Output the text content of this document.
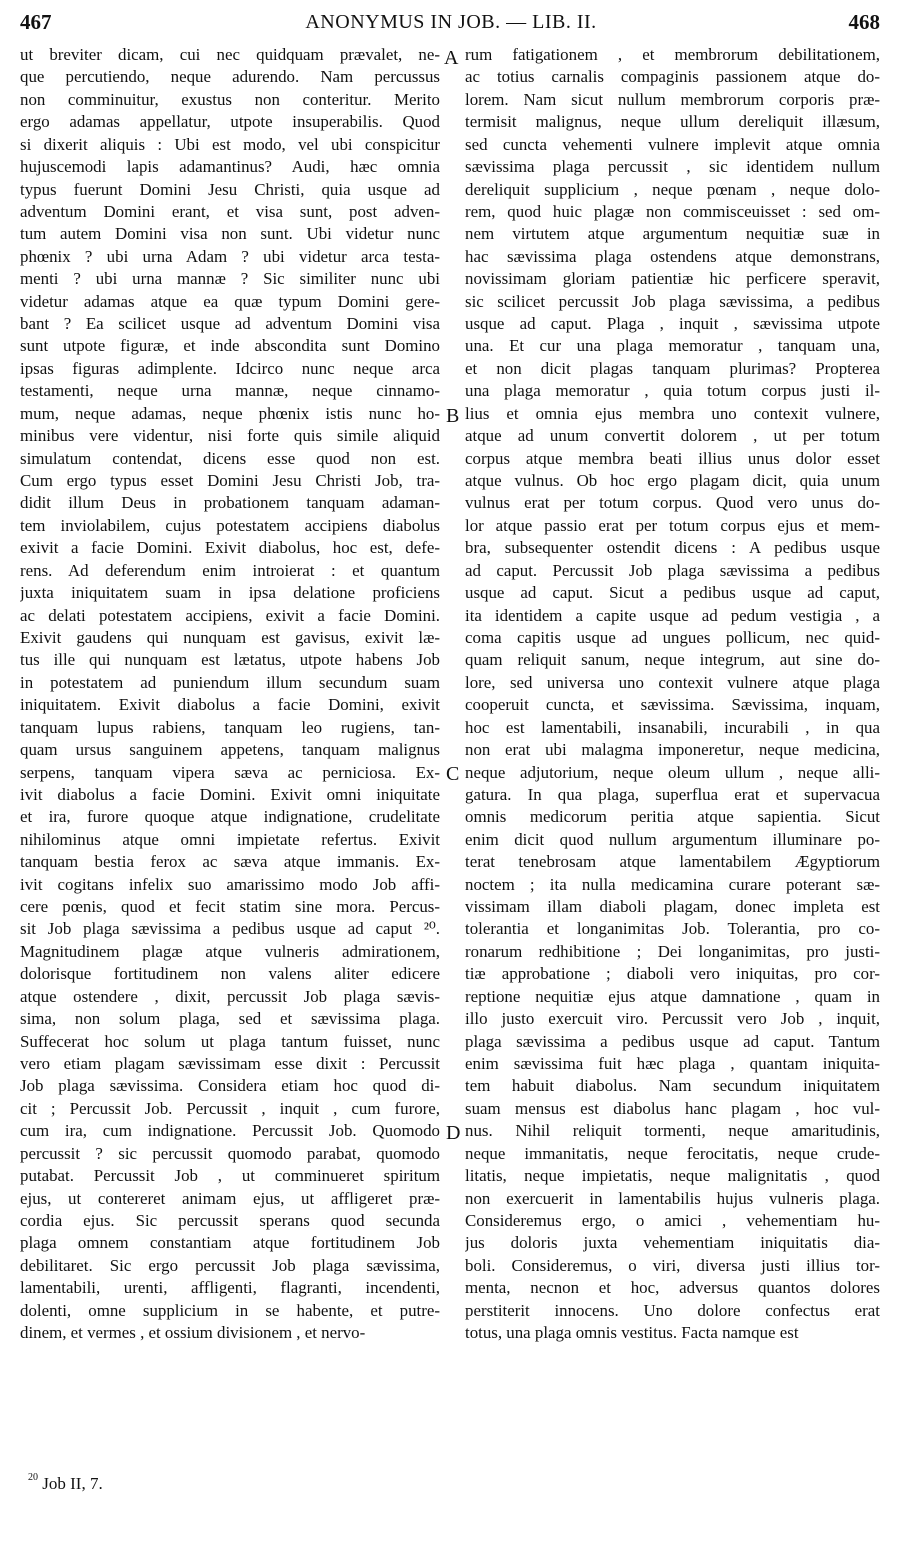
467	ANONYMUS IN JOB. — LIB. II.	468
ut breviter dicam, cui nec quidquam prævalet, ne-
que percutiendo, neque adurendo. Nam percussus
non comminuitur, exustus non conteritur. Merito
ergo adamas appellatur, utpote insuperabilis. Quod
si dixerit aliquis : Ubi est modo, vel ubi conspicitur
hujuscemodi lapis adamantinus? Audi, hæc omnia
typus fuerunt Domini Jesu Christi, quia usque ad
adventum Domini erant, et visa sunt, post adven-
tum autem Domini visa non sunt. Ubi videtur nunc
phœnix ? ubi urna Adam ? ubi videtur arca testa-
menti ? ubi urna mannæ ? Sic similiter nunc ubi
videtur adamas atque ea quæ typum Domini gere-
bant ? Ea scilicet usque ad adventum Domini visa
sunt utpote figuræ, et inde abscondita sunt Domino
ipsas figuras adimplente. Idcirco nunc neque arca
testamenti, neque urna mannæ, neque cinnamo-
mum, neque adamas, neque phœnix istis nunc ho-
minibus vere videntur, nisi forte quis simile aliquid
simulatum contendat, dicens esse quod non est.
Cum ergo typus esset Domini Jesu Christi Job, tra-
didit illum Deus in probationem tanquam adaman-
tem inviolabilem, cujus potestatem accipiens diabolus
exivit a facie Domini. Exivit diabolus, hoc est, defe-
rens. Ad deferendum enim introierat : et quantum
juxta iniquitatem suam in ipsa delatione proficiens
ac delati potestatem accipiens, exivit a facie Domini.
Exivit gaudens qui nunquam est gavisus, exivit læ-
tus ille qui nunquam est lætatus, utpote habens Job
in potestatem ad puniendum illum secundum suam
iniquitatem. Exivit diabolus a facie Domini, exivit
tanquam lupus rabiens, tanquam leo rugiens, tan-
quam ursus sanguinem appetens, tanquam malignus
serpens, tanquam vipera sæva ac perniciosa. Ex-
ivit diabolus a facie Domini. Exivit omni iniquitate
et ira, furore quoque atque indignatione, crudelitate
nihilominus atque omni impietate refertus. Exivit
tanquam bestia ferox ac sæva atque immanis. Ex-
ivit cogitans infelix suo amarissimo modo Job affi-
cere pœnis, quod et fecit statim sine mora. Percus-
sit Job plaga sævissima a pedibus usque ad caput ²⁰.
Magnitudinem plagæ atque vulneris admirationem,
dolorisque fortitudinem non valens aliter edicere
atque ostendere , dixit, percussit Job plaga sævis-
sima, non solum plaga, sed et sævissima plaga.
Suffecerat hoc solum ut plaga tantum fuisset, nunc
vero etiam plagam sævissimam esse dixit : Percussit
Job plaga sævissima. Considera etiam hoc quod di-
cit ; Percussit Job. Percussit , inquit , cum furore,
cum ira, cum indignatione. Percussit Job. Quomodo
percussit ? sic percussit quomodo parabat, quomodo
putabat. Percussit Job , ut comminueret spiritum
ejus, ut contereret animam ejus, ut affligeret præ-
cordia ejus. Sic percussit sperans quod secunda
plaga omnem constantiam atque fortitudinem Job
debilitaret. Sic ergo percussit Job plaga sævissima,
lamentabili, urenti, affligenti, flagranti, incendenti,
dolenti, omne supplicium in se habente, et putre-
dinem, et vermes , et ossium divisionem , et nervo-
rum fatigationem , et membrorum debilitationem,
ac totius carnalis compaginis passionem atque do-
lorem. Nam sicut nullum membrorum corporis præ-
termisit malignus, neque ullum dereliquit illæsum,
sed cuncta vehementi vulnere implevit atque omnia
sævissima plaga percussit , sic identidem nullum
dereliquit supplicium , neque pœnam , neque dolo-
rem, quod huic plagæ non commisceuisset : sed om-
nem virtutem atque argumentum nequitiæ suæ in
hac sævissima plaga ostendens atque demonstrans,
novissimam gloriam patientiæ hic perficere speravit,
sic scilicet percussit Job plaga sævissima, a pedibus
usque ad caput. Plaga , inquit , sævissima utpote
una. Et cur una plaga memoratur , tanquam una,
et non dicit plagas tanquam plurimas? Propterea
una plaga memoratur , quia totum corpus justi il-
lius et omnia ejus membra uno contexit vulnere,
atque ad unum convertit dolorem , ut per totum
corpus atque membra beati illius unus dolor esset
atque vulnus. Ob hoc ergo plagam dicit, quia unum
vulnus erat per totum corpus. Quod vero unus do-
lor atque passio erat per totum corpus ejus et mem-
bra, subsequenter ostendit dicens : A pedibus usque
ad caput. Percussit Job plaga sævissima a pedibus
usque ad caput. Sicut a pedibus usque ad caput,
ita identidem a capite usque ad pedum vestigia , a
coma capitis usque ad ungues pollicum, nec quid-
quam reliquit sanum, neque integrum, aut sine do-
lore, sed universa uno contexit vulnere atque plaga
cooperuit cuncta, et sævissima. Sævissima, inquam,
hoc est lamentabili, insanabili, incurabili , in qua
non erat ubi malagma imponeretur, neque medicina,
neque adjutorium, neque oleum ullum , neque alli-
gatura. In qua plaga, superflua erat et supervacua
omnis medicorum peritia atque sapientia. Sicut
enim dicit quod nullum argumentum illuminare po-
terat tenebrosam atque lamentabilem Ægyptiorum
noctem ; ita nulla medicamina curare poterant sæ-
vissimam illam diaboli plagam, donec impleta est
tolerantia et longanimitas Job. Tolerantia, pro co-
ronarum redhibitione ; Dei longanimitas, pro justi-
tiæ approbatione ; diaboli vero iniquitas, pro cor-
reptione nequitiæ ejus atque damnatione , quam in
illo justo exercuit viro. Percussit vero Job , inquit,
plaga sævissima a pedibus usque ad caput. Tantum
enim sævissima fuit hæc plaga , quantam iniquita-
tem habuit diabolus. Nam secundum iniquitatem
suam mensus est diabolus hanc plagam , hoc vul-
nus. Nihil reliquit tormenti, neque amaritudinis,
neque immanitatis, neque ferocitatis, neque crude-
litatis, neque impietatis, neque malignitatis , quod
non exercuerit in lamentabilis hujus vulneris plaga.
Consideremus ergo, o amici , vehementiam hu-
jus doloris juxta vehementiam iniquitatis dia-
boli. Consideremus, o viri, diversa justi illius tor-
menta, necnon et hoc, adversus quantos dolores
perstiterit innocens. Uno dolore confectus erat
totus, una plaga omnis vestitus. Facta namque est
A
B
C
D
$^{20}$ Job II, 7.
